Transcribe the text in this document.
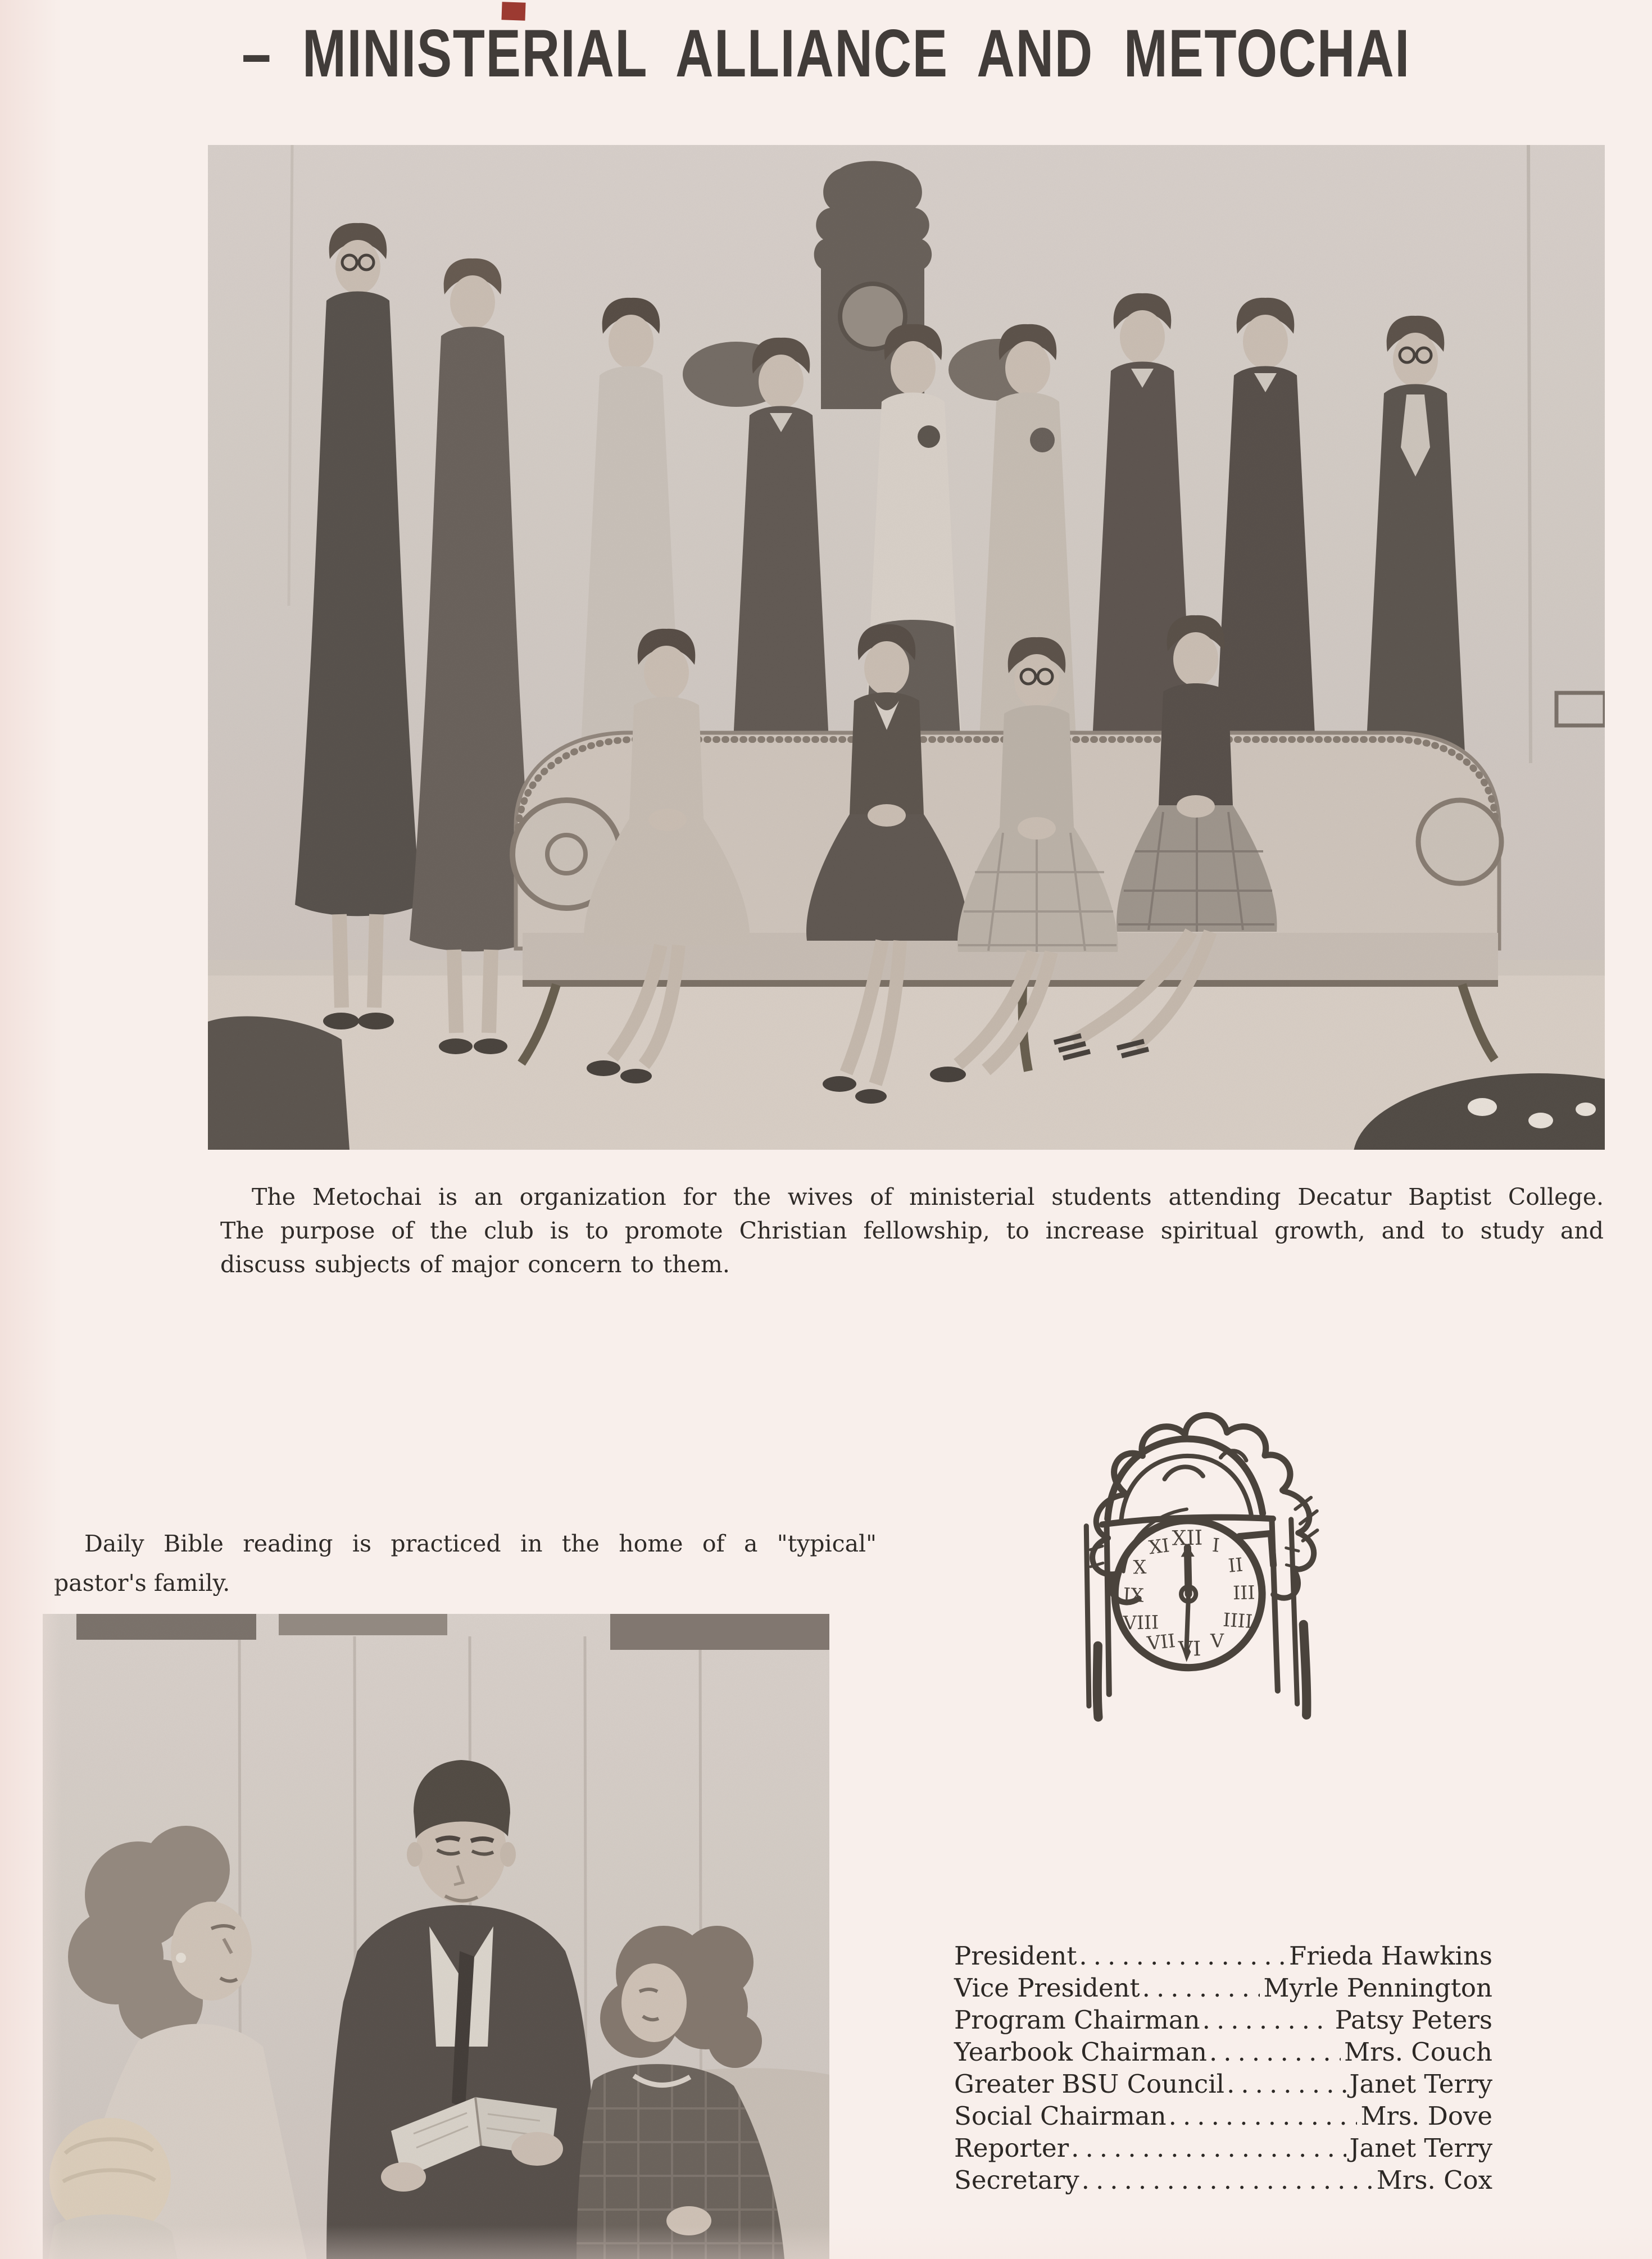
– MINISTERIAL ALLIANCE AND METOCHAI
The Metochai is an organization for the wives of ministerial students attending Decatur Baptist College.
The purpose of the club is to promote Christian fellowship, to increase spiritual growth, and to study and
discuss subjects of major concern to them.
XII I
II
III
IIII
V
VI
VII
VIII
IX
X
XI
Daily Bible reading is practiced in the home of a "typical"
pastor's family.
President .....	Frieda Hawkins
Vice President .....	Myrle Pennington
Program Chairman .....	Patsy Peters
Yearbook Chairman .....	Mrs. Couch
Greater BSU Council .....	Janet Terry
Social Chairman .....	Mrs. Dove
Reporter .....	Janet Terry
Secretary .....	Mrs. Cox
